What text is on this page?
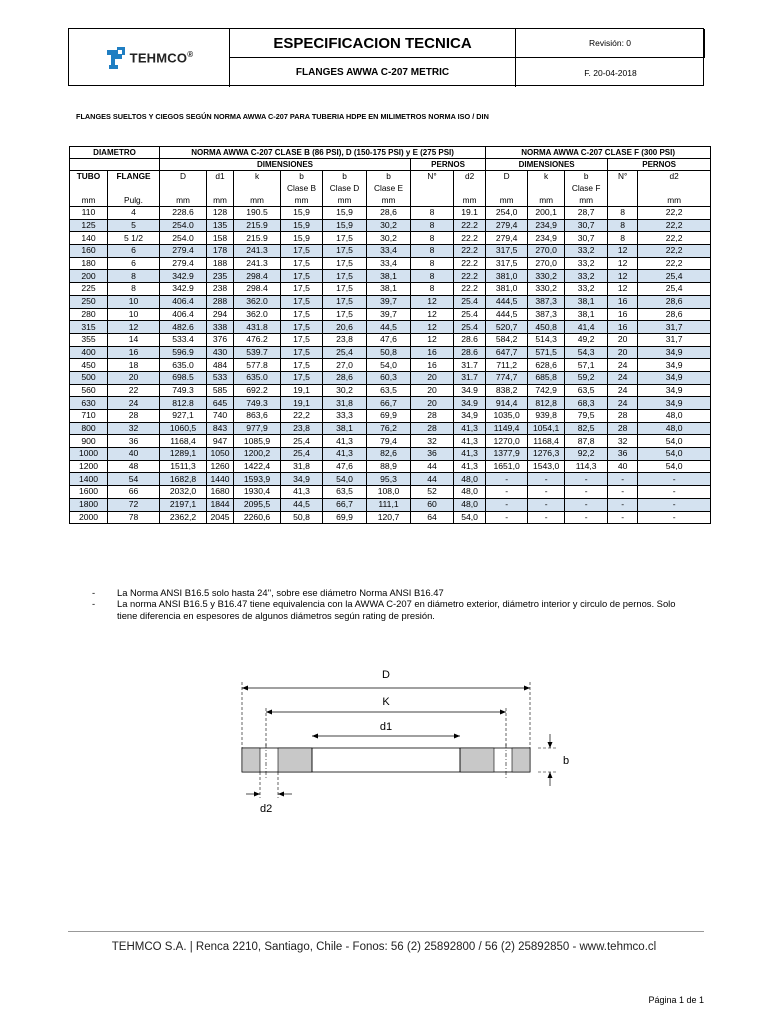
TEHMCO®
ESPECIFICACION TECNICA	Revisión: 0
FLANGES AWWA C-207 METRIC	F. 20-04-2018
FLANGES SUELTOS Y CIEGOS SEGÚN NORMA AWWA C-207 PARA TUBERIA HDPE EN MILIMETROS NORMA ISO / DIN
DIAMETRO		NORMA AWWA C-207 CLASE B (86 PSI), D (150-175 PSI) y E (275 PSI)								NORMA AWWA C-207 CLASE F (300 PSI)				
		DIMENSIONES						PERNOS		DIMENSIONES			PERNOS	
TUBO	FLANGE	D	d1	k	b	b	b	N°	d2	D	k	b	N°	d2
					Clase B	Clase D	Clase E					Clase F		
mm	Pulg.	mm	mm	mm	mm	mm	mm		mm	mm	mm	mm		mm
110	4	228.6	128	190.5	15,9	15,9	28,6	8	19.1	254,0	200,1	28,7	8	22,2
125	5	254.0	135	215.9	15,9	15,9	30,2	8	22.2	279,4	234,9	30,7	8	22,2
140	5 1/2	254.0	158	215.9	15,9	17,5	30,2	8	22.2	279,4	234,9	30,7	8	22,2
160	6	279.4	178	241.3	17,5	17,5	33,4	8	22.2	317,5	270,0	33,2	12	22,2
180	6	279.4	188	241.3	17,5	17,5	33,4	8	22.2	317,5	270,0	33,2	12	22,2
200	8	342.9	235	298.4	17,5	17,5	38,1	8	22.2	381,0	330,2	33,2	12	25,4
225	8	342.9	238	298.4	17,5	17,5	38,1	8	22.2	381,0	330,2	33,2	12	25,4
250	10	406.4	288	362.0	17,5	17,5	39,7	12	25.4	444,5	387,3	38,1	16	28,6
280	10	406.4	294	362.0	17,5	17,5	39,7	12	25.4	444,5	387,3	38,1	16	28,6
315	12	482.6	338	431.8	17,5	20,6	44,5	12	25.4	520,7	450,8	41,4	16	31,7
355	14	533.4	376	476.2	17,5	23,8	47,6	12	28.6	584,2	514,3	49,2	20	31,7
400	16	596.9	430	539.7	17,5	25,4	50,8	16	28.6	647,7	571,5	54,3	20	34,9
450	18	635.0	484	577.8	17,5	27,0	54,0	16	31.7	711,2	628,6	57,1	24	34,9
500	20	698.5	533	635.0	17,5	28,6	60,3	20	31.7	774,7	685,8	59,2	24	34,9
560	22	749.3	585	692.2	19,1	30,2	63,5	20	34.9	838,2	742,9	63,5	24	34,9
630	24	812.8	645	749.3	19,1	31,8	66,7	20	34.9	914,4	812,8	68,3	24	34,9
710	28	927,1	740	863,6	22,2	33,3	69,9	28	34,9	1035,0	939,8	79,5	28	48,0
800	32	1060,5	843	977,9	23,8	38,1	76,2	28	41,3	1149,4	1054,1	82,5	28	48,0
900	36	1168,4	947	1085,9	25,4	41,3	79,4	32	41,3	1270,0	1168,4	87,8	32	54,0
1000	40	1289,1	1050	1200,2	25,4	41,3	82,6	36	41,3	1377,9	1276,3	92,2	36	54,0
1200	48	1511,3	1260	1422,4	31,8	47,6	88,9	44	41,3	1651,0	1543,0	114,3	40	54,0
1400	54	1682,8	1440	1593,9	34,9	54,0	95,3	44	48,0	-	-	-	-	-
1600	66	2032,0	1680	1930,4	41,3	63,5	108,0	52	48,0	-	-	-	-	-
1800	72	2197,1	1844	2095,5	44,5	66,7	111,1	60	48,0	-	-	-	-	-
2000	78	2362,2	2045	2260,6	50,8	69,9	120,7	64	54,0	-	-	-	-	-
- La Norma ANSI B16.5 solo hasta 24'', sobre ese diámetro Norma ANSI B16.47
- La norma ANSI B16.5 y B16.47 tiene equivalencia con la AWWA C-207 en diámetro exterior, diámetro interior y circulo de pernos. Solo tiene diferencia en espesores de algunos diámetros según rating de presión.
D
K
d1
b
d2
TEHMCO S.A. | Renca 2210, Santiago, Chile - Fonos: 56 (2) 25892800 / 56 (2) 25892850 - www.tehmco.cl
Página 1 de 1
